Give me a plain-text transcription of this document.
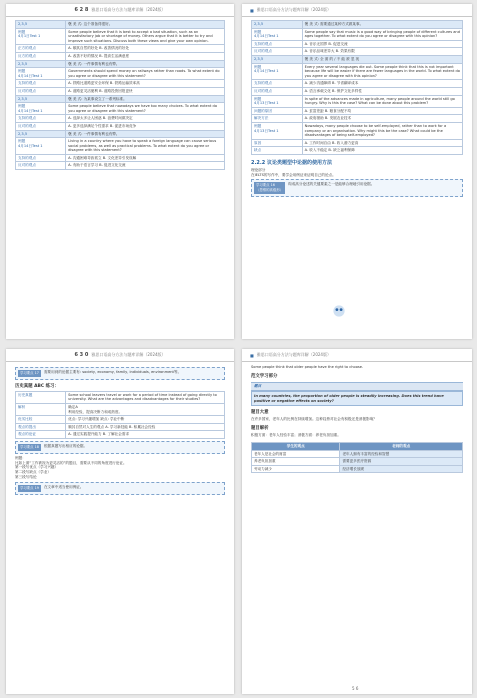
6 2 8 雅思口语高分方法与题库详解（2024版）
2,3,5	褒 美 式: 这个准备得很好。
例题
4月1日Test 1	Some people believe that it is best to accept a bad situation, such as an unsatisfactory job or shortage of money. Others argue that it is better to try and improve such situations. Discuss both these views and give your own opinion.
正方的观点	A. 顺其自然的好处 B. 改善情况的好处
反方的观点	A. 改善不好的情况 B. 提高生活满意度
2,3,5	褒 美 式: 一件事情有利也有弊。
例题
4月14日Test 1	Governments should spend money on railways rather than roads. To what extent do you agree or disagree with this statement?
支持的观点	A. 铁路比道路更安全环保 B. 铁路运输效率高
反对的观点	A. 道路更灵活便利 B. 道路投资回报更快
2,3,5	褒 美 式: 为某事设立了一系列标准。
例题
4月14日Test 1	Some people believe that nowadays we have too many choices. To what extent do you agree or disagree with this statement?
支持的观点	A. 选择太多让人困惑 B. 浪费时间做决定
反对的观点	A. 更多选择满足个性需求 B. 促进市场竞争
2,3,5	褒 美 式: 一件事情有利也有弊。
例题
4月14日Test 1	Living in a country where you have to speak a foreign language can cause serious social problems, as well as practical problems. To what extent do you agree or disagree with this statement?
支持的观点	A. 沟通困难导致孤立 B. 文化差异引发误解
反对的观点	A. 有助于语言学习 B. 促进文化交流
■ 雅思口语高分方法与题库详解（2024版）
2,3,5	褒 美 式: 需要通过某种方式做某事。
例题
4月14日Test 1	Some people say that music is a good way of bringing people of different cultures and ages together. To what extent do you agree or disagree with this opinion?
支持的观点	A. 音乐无国界 B. 促进交流
反对的观点	A. 音乐品味差异大 B. 效果有限
2,3,5	褒 美 式: 全 面 的 / 不 能 被 忽 视
例题
4月14日Test 1	Every year several languages die out. Some people think that this is not important because life will be easier if there are fewer languages in the world. To what extent do you agree or disagree with this opinion?
支持的观点	A. 减少沟通障碍 B. 节省翻译成本
反对的观点	A. 语言承载文化 B. 保护文化多样性
例题
4月13日Test 1	In spite of the advances made in agriculture, many people around the world still go hungry. Why is this the case? What can be done about this problem?
问题的原因	A. 贫富差距 B. 粮食分配不均
解决方法	A. 政府援助 B. 发展农业技术
例题
4月13日Test 1	Nowadays, many people choose to be self-employed, rather than to work for a company or an organisation. Why might this be the case? What could be the disadvantages of being self-employed?
原因	A. 工作时间自由 B. 收入潜力更高
缺点	A. 收入不稳定 B. 缺乏福利保障
2.2.2 议论类题型中论据的使用方法
理论部分
在IELTS的写作中，要学会用例证来证明自己的论点。
学习要点 16
（思维的高级形）
构成高分论述的关键要素之一是能够合理地引用论据。
6 3 0 雅思口语高分方法与题库详解（2024版）
学习要点 17	需要用到的论据主要有: society, economy, family, individuals, environment等。
历史真题 ABC 练习：
历史真题	Some school leavers travel or work for a period of time instead of going directly to university. What are the advantages and disadvantages for their studies?
解析	确定A
利用经验，提高决断力和成熟度。
优劣比较	优点: 学习兴趣增加 缺点: 学业中断
观点的提出	顺其自然对人生的观点 A. 学习新技能 B. 积累社会经验
观点的论证	A. 通过实践提升能力 B. 了解社会需求
学习要点 18	根据真题写出相应的论据。
例题：
比如上面“工作被视为更灵活的”的题目，需要从不同的角度进行论证。
第一段写优点（学习兴趣）
第二段写缺点（学业）
第三段写结论
学习要点 19	在文章中适当使用例证。
■ 雅思口语高分方法与题库详解（2024版）
Some people think that older people have the right to choose.
范文学习部分
题目
In many countries, the proportion of older people is steadily increasing. Does this trend have positive or negative effects on society?
题目大意
在许多国家，老年人的比例在持续增加。这种趋势对社会有积极还是消极影响？
题目解析
积极方面：老年人经验丰富；消极方面：养老负担加重。
学生的观点	老师的观点
老年人是社会的财富	老年人拥有丰富的经验和智慧
养老负担加重	需要更多医疗资源
劳动力减少	经济增长放缓
5 6
